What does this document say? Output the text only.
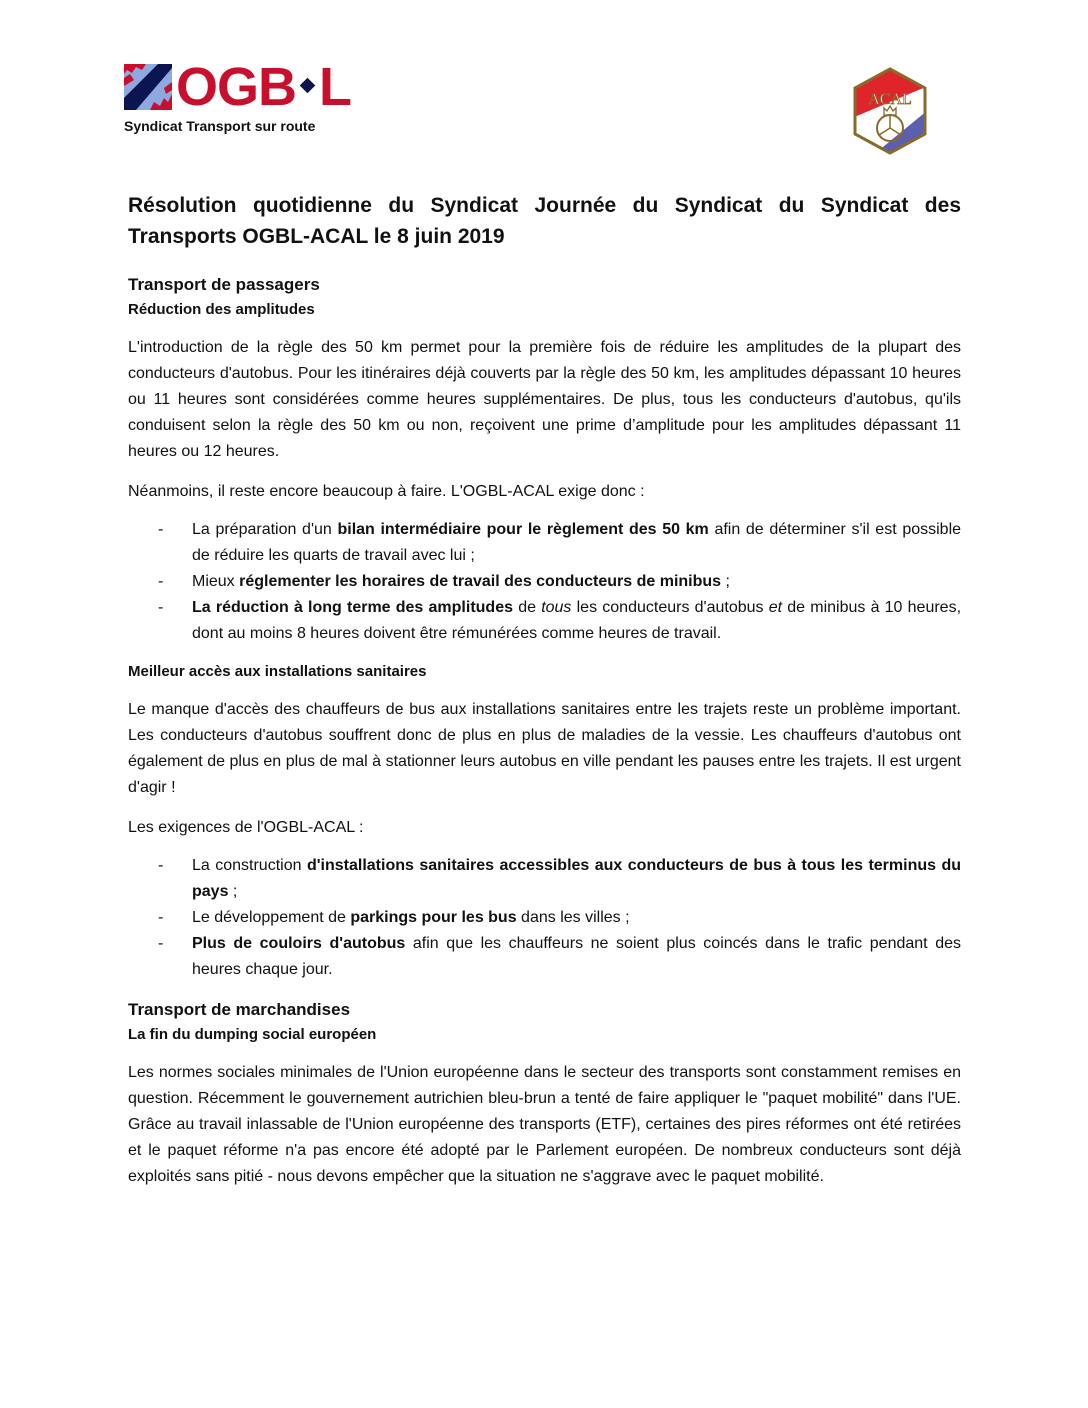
OGB L
Syndicat Transport sur route
ACAL
Résolution quotidienne du Syndicat Journée du Syndicat du Syndicat des Transports OGBL-ACAL le 8 juin 2019
Transport de passagers
Réduction des amplitudes

L'introduction de la règle des 50 km permet pour la première fois de réduire les amplitudes de la plupart des conducteurs d'autobus. Pour les itinéraires déjà couverts par la règle des 50 km, les amplitudes dépassant 10 heures ou 11 heures sont considérées comme heures supplémentaires. De plus, tous les conducteurs d'autobus, qu'ils conduisent selon la règle des 50 km ou non, reçoivent une prime d’amplitude pour les amplitudes dépassant 11 heures ou 12 heures.

Néanmoins, il reste encore beaucoup à faire. L'OGBL-ACAL exige donc :

- La préparation d'un bilan intermédiaire pour le règlement des 50 km afin de déterminer s'il est possible de réduire les quarts de travail avec lui ;
- Mieux réglementer les horaires de travail des conducteurs de minibus ;
- La réduction à long terme des amplitudes de tous les conducteurs d'autobus et de minibus à 10 heures, dont au moins 8 heures doivent être rémunérées comme heures de travail.
Meilleur accès aux installations sanitaires

Le manque d'accès des chauffeurs de bus aux installations sanitaires entre les trajets reste un problème important. Les conducteurs d'autobus souffrent donc de plus en plus de maladies de la vessie. Les chauffeurs d'autobus ont également de plus en plus de mal à stationner leurs autobus en ville pendant les pauses entre les trajets. Il est urgent d'agir !

Les exigences de l'OGBL-ACAL :

- La construction d'installations sanitaires accessibles aux conducteurs de bus à tous les terminus du pays ;
- Le développement de parkings pour les bus dans les villes ;
- Plus de couloirs d'autobus afin que les chauffeurs ne soient plus coincés dans le trafic pendant des heures chaque jour.
Transport de marchandises
La fin du dumping social européen

Les normes sociales minimales de l'Union européenne dans le secteur des transports sont constamment remises en question. Récemment le gouvernement autrichien bleu-brun a tenté de faire appliquer le "paquet mobilité" dans l'UE. Grâce au travail inlassable de l'Union européenne des transports (ETF), certaines des pires réformes ont été retirées et le paquet réforme n'a pas encore été adopté par le Parlement européen. De nombreux conducteurs sont déjà exploités sans pitié - nous devons empêcher que la situation ne s'aggrave avec le paquet mobilité.
